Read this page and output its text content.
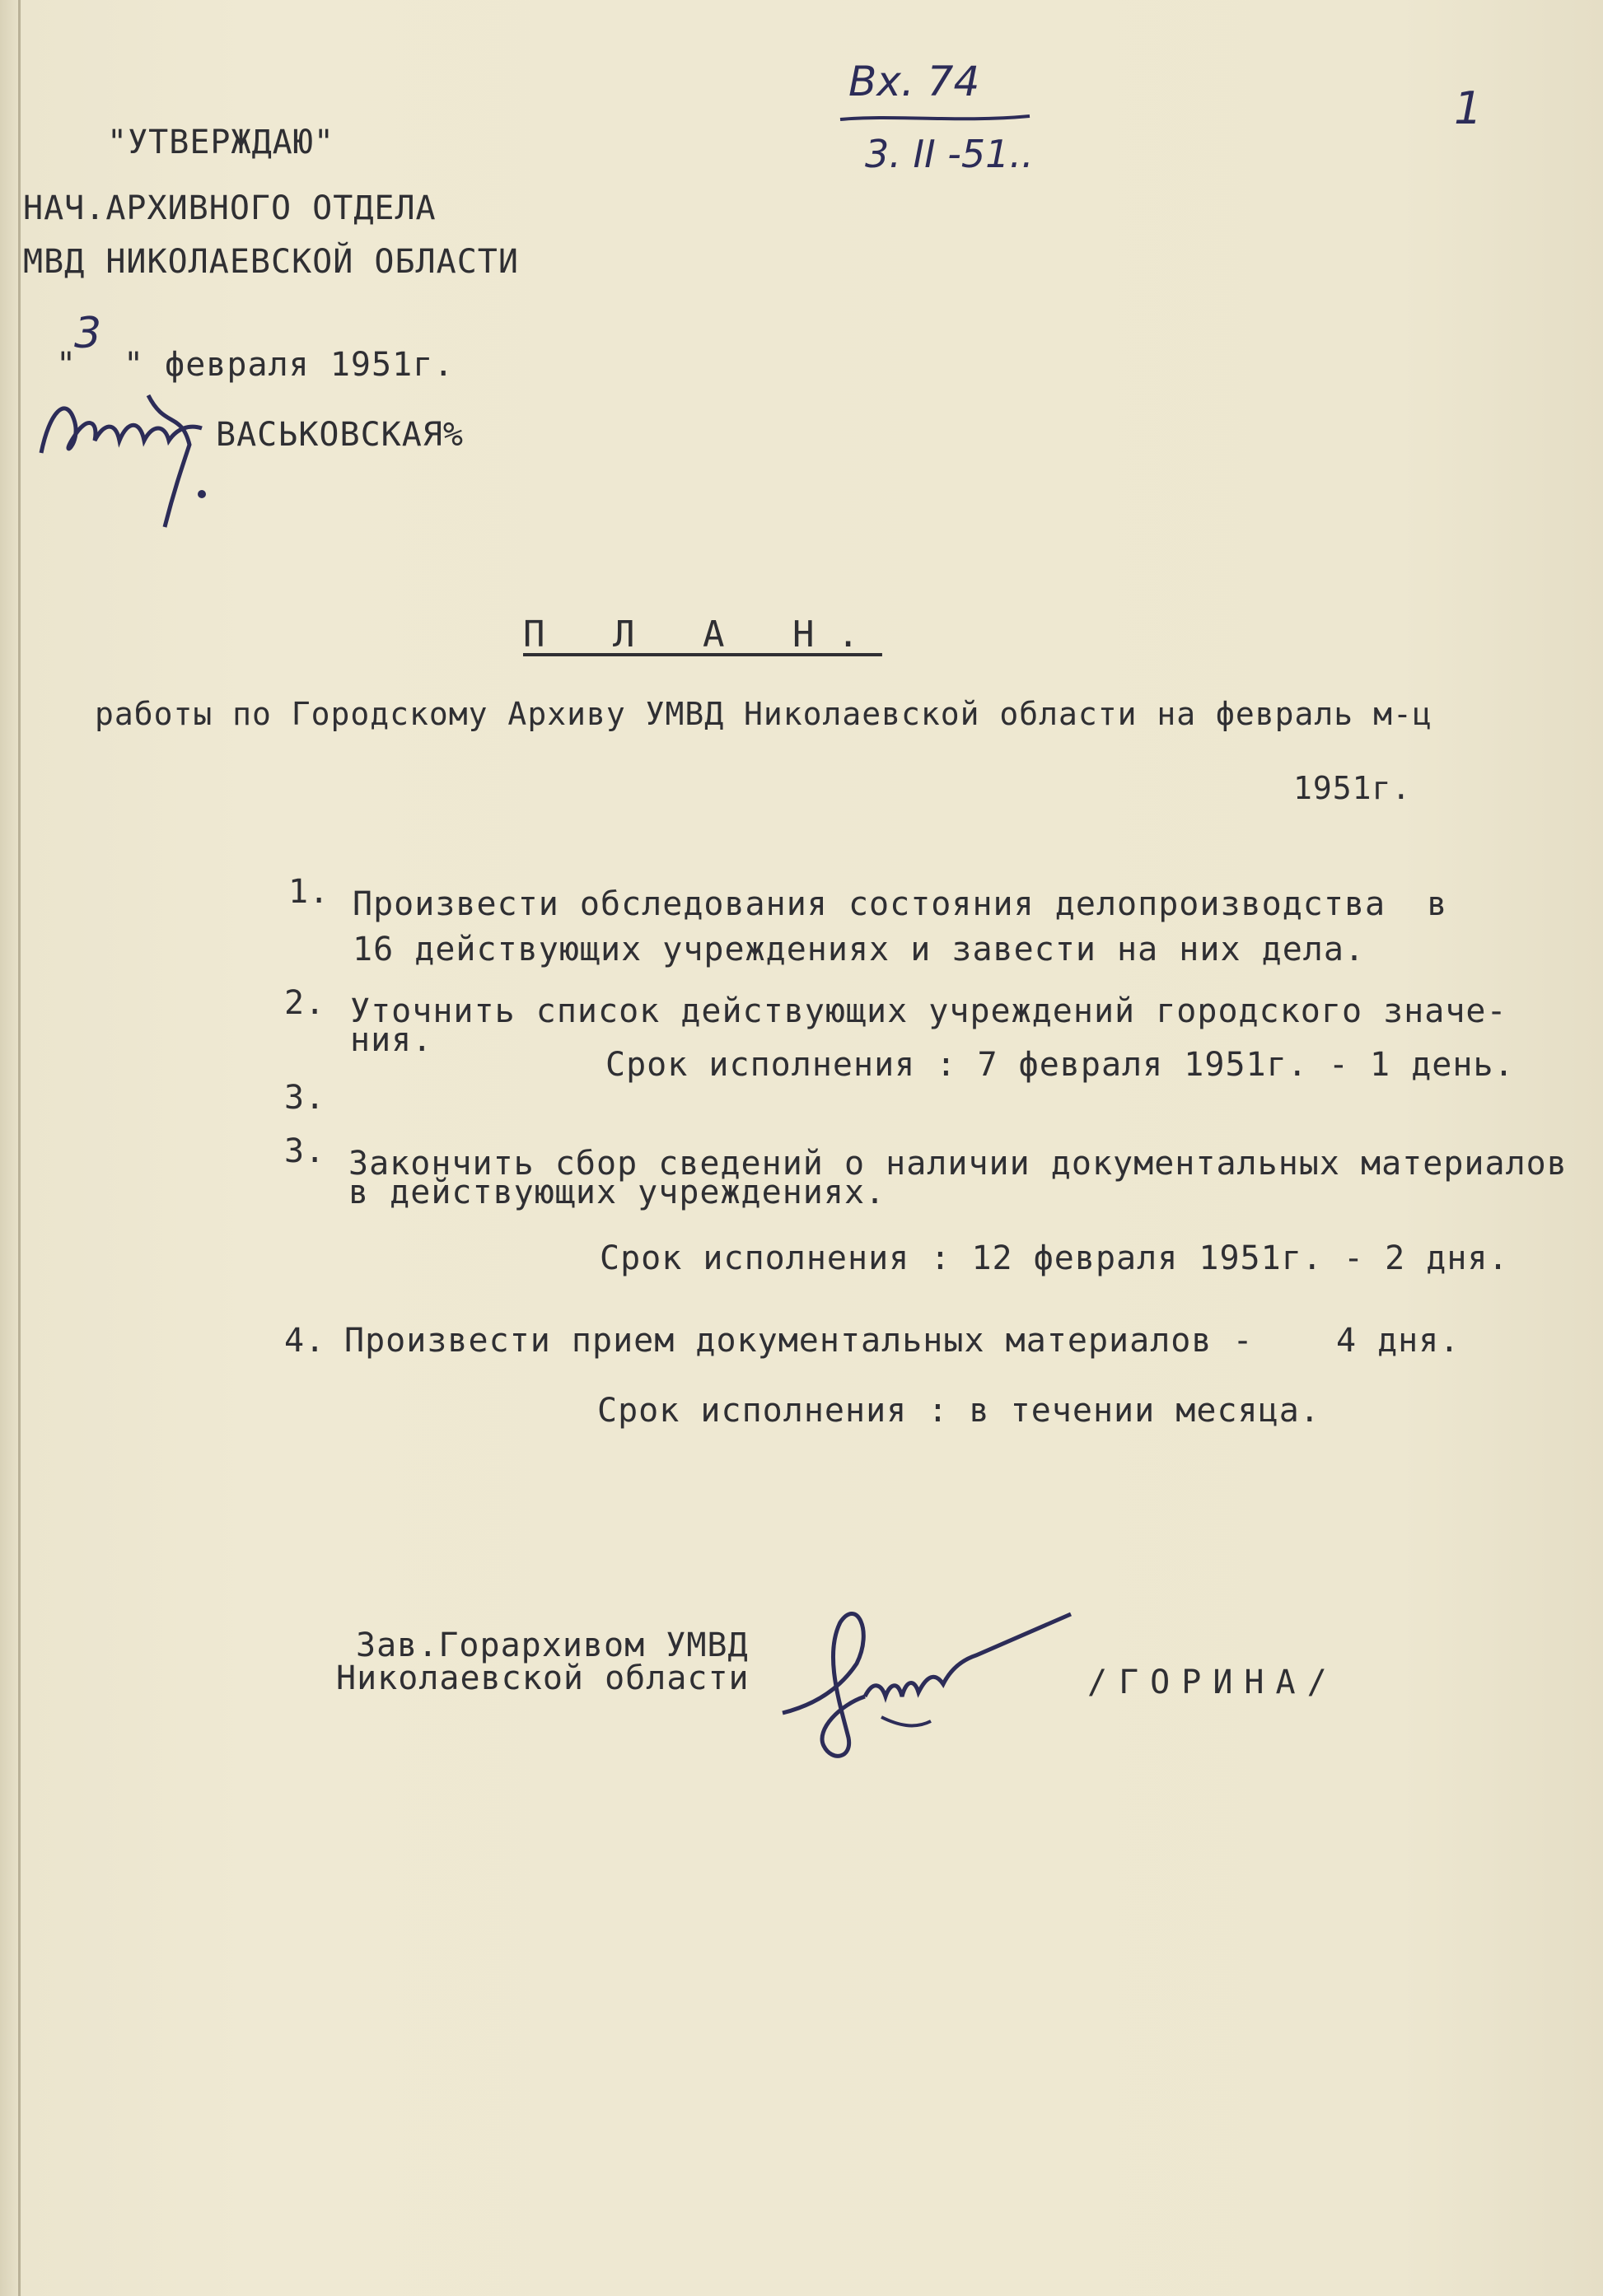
Вх. 74
3. II -51..
1
"УТВЕРЖДАЮ"
НАЧ.АРХИВНОГО ОТДЕЛА
МВД НИКОЛАЕВСКОЙ ОБЛАСТИ
"
3
" февраля 1951г.
ВАСЬКОВСКАЯ%
П Л А Н.
работы по Городскому Архиву УМВД Николаевской области на февраль м-ц
1951г.
1. Произвести обследования состояния делопроизводства  в
16 действующих учреждениях и завести на них дела.
2. Уточнить список действующих учреждений городского значе-
ния.
Срок исполнения : 7 февраля 1951г. - 1 день.
3.
3. Закончить сбор сведений о наличии документальных материалов
в действующих учреждениях.
Срок исполнения : 12 февраля 1951г. - 2 дня.
4. Произвести прием документальных материалов -    4 дня.
Срок исполнения : в течении месяца.
Зав.Горархивом УМВД
Николаевской области	/ГОРИНА/
